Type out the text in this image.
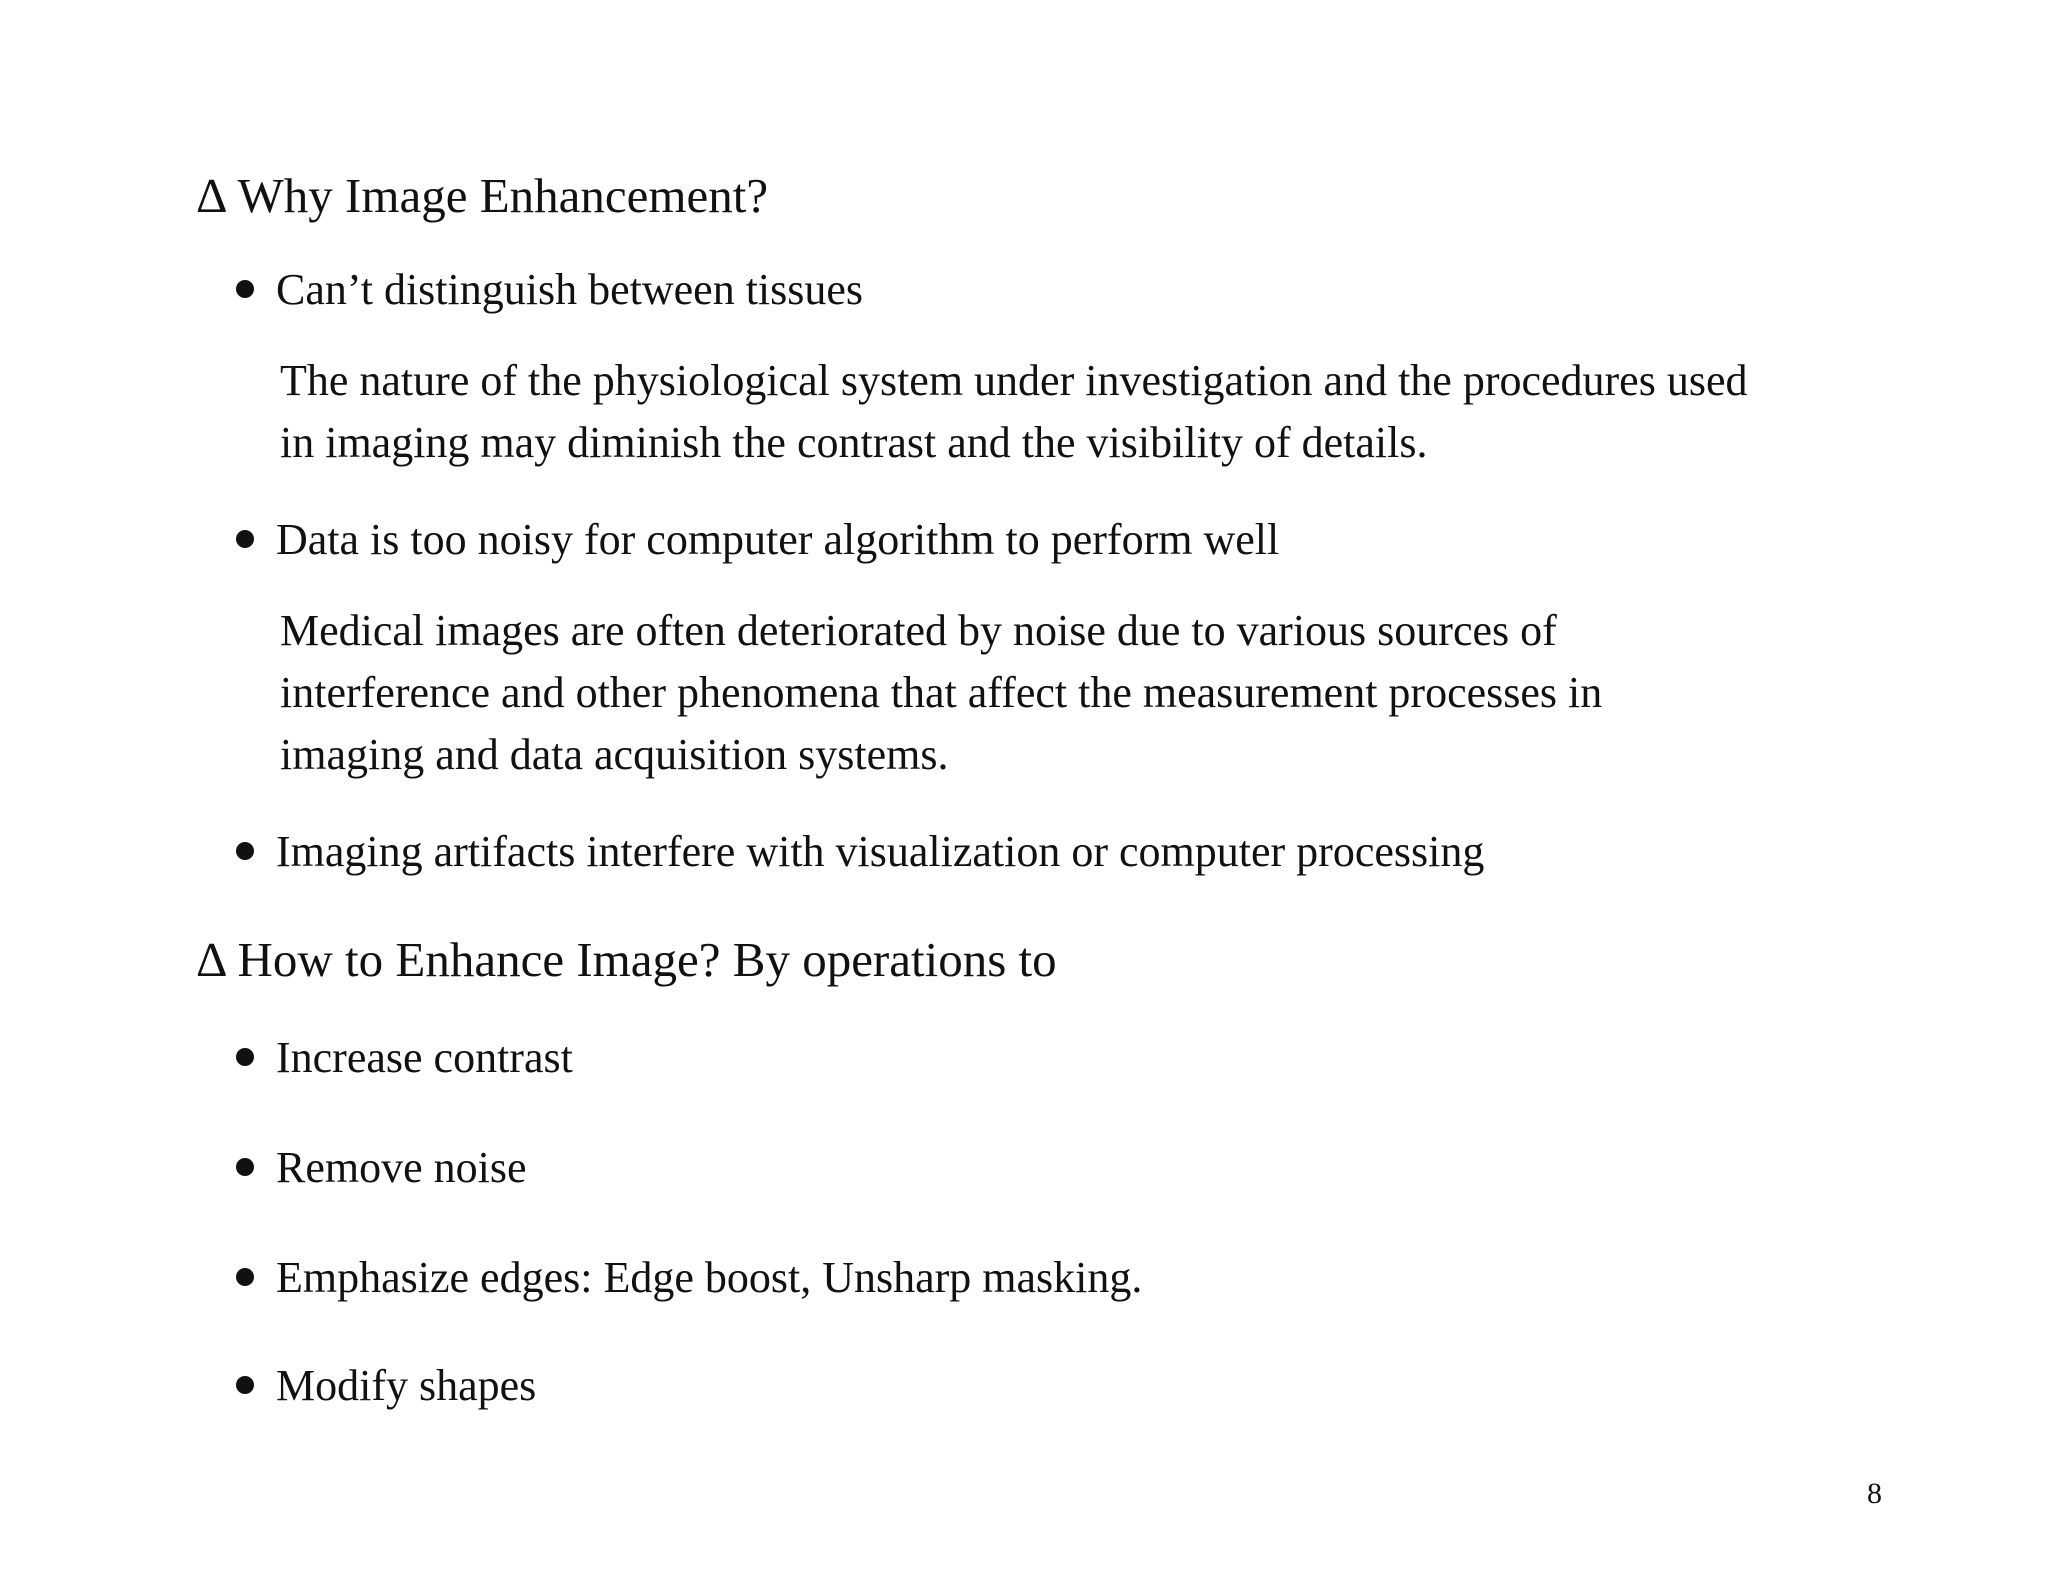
Δ Why Image Enhancement?
Can’t distinguish between tissues
The nature of the physiological system under investigation and the procedures used
in imaging may diminish the contrast and the visibility of details.
Data is too noisy for computer algorithm to perform well
Medical images are often deteriorated by noise due to various sources of
interference and other phenomena that affect the measurement processes in
imaging and data acquisition systems.
Imaging artifacts interfere with visualization or computer processing
Δ How to Enhance Image? By operations to
Increase contrast
Remove noise
Emphasize edges: Edge boost, Unsharp masking.
Modify shapes
8
